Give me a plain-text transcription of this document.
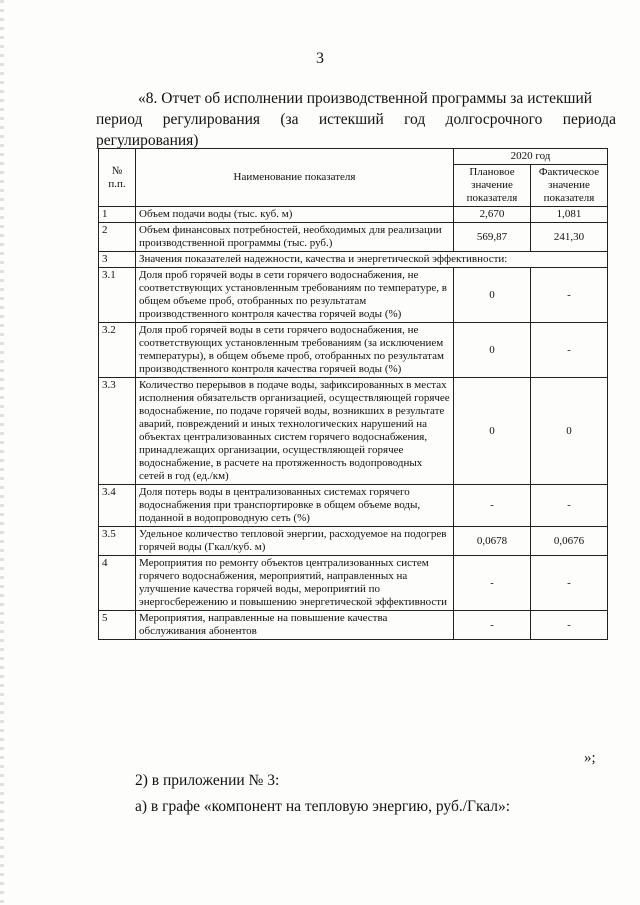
3
«8. Отчет об исполнении производственной программы за истекший
период регулирования (за истекший год долгосрочного периода
регулирования)
№ п.п.	Наименование показателя	2020 год	
		Плановое значение показателя	Фактическое значение показателя
1	Объем подачи воды (тыс. куб. м)	2,670	1,081
2	Объем финансовых потребностей, необходимых для реализации производственной программы (тыс. руб.)	569,87	241,30
3	Значения показателей надежности, качества и энергетической эффективности:		
3.1	Доля проб горячей воды в сети горячего водоснабжения, не соответствующих установленным требованиям по температуре, в общем объеме проб, отобранных по результатам производственного контроля качества горячей воды (%)	0	-
3.2	Доля проб горячей воды в сети горячего водоснабжения, не соответствующих установленным требованиям (за исключением температуры), в общем объеме проб, отобранных по результатам производственного контроля качества горячей воды (%)	0	-
3.3	Количество перерывов в подаче воды, зафиксированных в местах исполнения обязательств организацией, осуществляющей горячее водоснабжение, по подаче горячей воды, возникших в результате аварий, повреждений и иных технологических нарушений на объектах централизованных систем горячего водоснабжения, принадлежащих организации, осуществляющей горячее водоснабжение, в расчете на протяженность водопроводных сетей в год (ед./км)	0	0
3.4	Доля потерь воды в централизованных системах горячего водоснабжения при транспортировке в общем объеме воды, поданной в водопроводную сеть (%)	-	-
3.5	Удельное количество тепловой энергии, расходуемое на подогрев горячей воды (Гкал/куб. м)	0,0678	0,0676
4	Мероприятия по ремонту объектов централизованных систем горячего водоснабжения, мероприятий, направленных на улучшение качества горячей воды, мероприятий по энергосбережению и повышению энергетической эффективности	-	-
5	Мероприятия, направленные на повышение качества обслуживания абонентов	-	-
»;
2) в приложении № 3:
а) в графе «компонент на тепловую энергию, руб./Гкал»:
